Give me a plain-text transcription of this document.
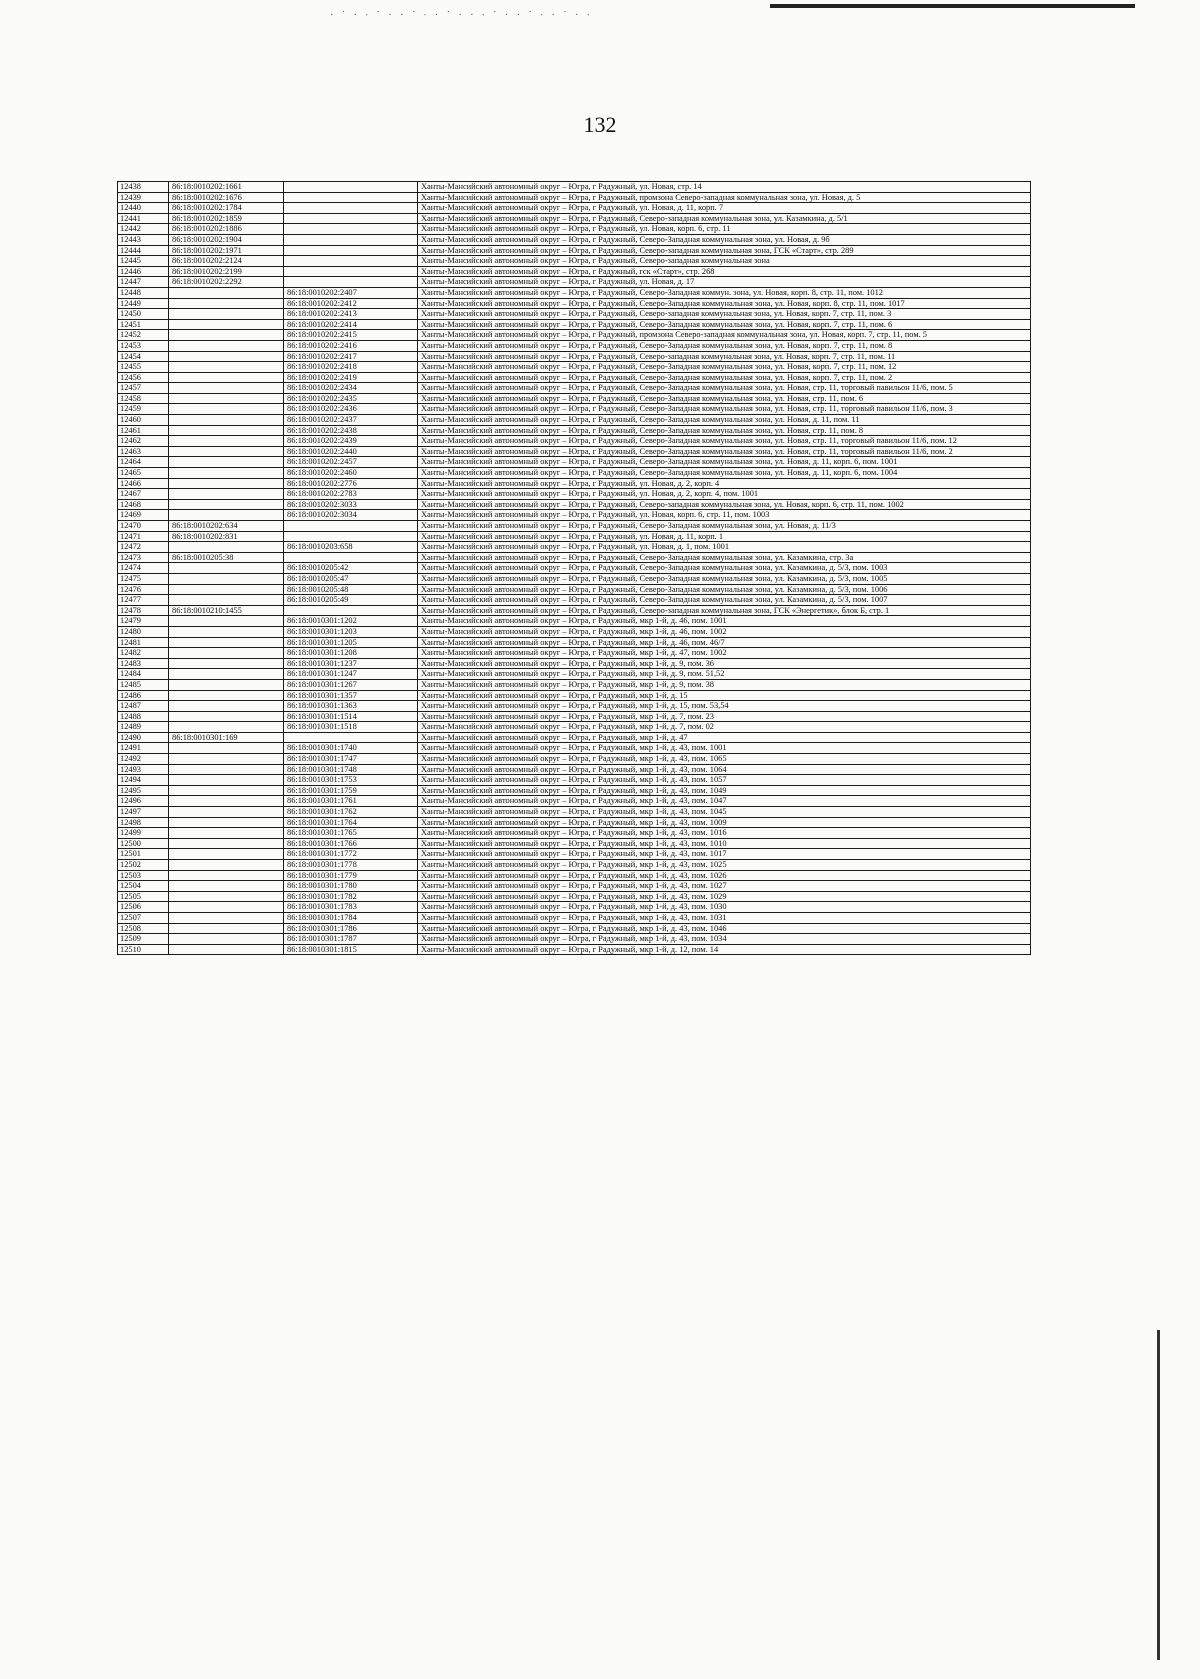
· ˙ · ∙ ˙ · · ˙ ∙ · ˙ · · ∙ ˙ · · ˙ ∙ · ˙ · ∙
132
12438	86:18:0010202:1661		Ханты-Мансийский автономный округ – Югра, г Радужный, ул. Новая, стр. 14
12439	86:18:0010202:1676		Ханты-Мансийский автономный округ – Югра, г Радужный, промзона Северо-западная коммунальная зона, ул. Новая, д. 5
12440	86:18:0010202:1784		Ханты-Мансийский автономный округ – Югра, г Радужный, ул. Новая, д. 11, корп. 7
12441	86:18:0010202:1859		Ханты-Мансийский автономный округ – Югра, г Радужный, Северо-западная коммунальная зона, ул. Казамкина, д. 5/1
12442	86:18:0010202:1886		Ханты-Мансийский автономный округ – Югра, г Радужный, ул. Новая, корп. 6, стр. 11
12443	86:18:0010202:1904		Ханты-Мансийский автономный округ – Югра, г Радужный, Северо-Западная коммунальная зона, ул. Новая, д. 9б
12444	86:18:0010202:1971		Ханты-Мансийский автономный округ – Югра, г Радужный, Северо-западная коммунальная зона, ГСК «Старт», стр. 289
12445	86:18:0010202:2124		Ханты-Мансийский автономный округ – Югра, г Радужный, Северо-западная коммунальная зона
12446	86:18:0010202:2199		Ханты-Мансийский автономный округ – Югра, г Радужный, гск «Старт», стр. 268
12447	86:18:0010202:2292		Ханты-Мансийский автономный округ – Югра, г Радужный, ул. Новая, д. 17
12448		86:18:0010202:2407	Ханты-Мансийский автономный округ – Югра, г Радужный, Северо-Западная коммун. зона, ул. Новая, корп. 8, стр. 11, пом. 1012
12449		86:18:0010202:2412	Ханты-Мансийский автономный округ – Югра, г Радужный, Северо-Западная коммунальная зона, ул. Новая, корп. 8, стр. 11, пом. 1017
12450		86:18:0010202:2413	Ханты-Мансийский автономный округ – Югра, г Радужный, Северо-западная коммунальная зона, ул. Новая, корп. 7, стр. 11, пом. 3
12451		86:18:0010202:2414	Ханты-Мансийский автономный округ – Югра, г Радужный, Северо-Западная коммунальная зона, ул. Новая, корп. 7, стр. 11, пом. 6
12452		86:18:0010202:2415	Ханты-Мансийский автономный округ – Югра, г Радужный, промзона Северо-западная коммунальная зона, ул. Новая, корп. 7, стр. 11, пом. 5
12453		86:18:0010202:2416	Ханты-Мансийский автономный округ – Югра, г Радужный, Северо-Западная коммунальная зона, ул. Новая, корп. 7, стр. 11, пом. 8
12454		86:18:0010202:2417	Ханты-Мансийский автономный округ – Югра, г Радужный, Северо-западная коммунальная зона, ул. Новая, корп. 7, стр. 11, пом. 11
12455		86:18:0010202:2418	Ханты-Мансийский автономный округ – Югра, г Радужный, Северо-Западная коммунальная зона, ул. Новая, корп. 7, стр. 11, пом. 12
12456		86:18:0010202:2419	Ханты-Мансийский автономный округ – Югра, г Радужный, Северо-Западная коммунальная зона, ул. Новая, корп. 7, стр. 11, пом. 2
12457		86:18:0010202:2434	Ханты-Мансийский автономный округ – Югра, г Радужный, Северо-Западная коммунальная зона, ул. Новая, стр. 11, торговый павильон 11/6, пом. 5
12458		86:18:0010202:2435	Ханты-Мансийский автономный округ – Югра, г Радужный, Северо-Западная коммунальная зона, ул. Новая, стр. 11, пом. 6
12459		86:18:0010202:2436	Ханты-Мансийский автономный округ – Югра, г Радужный, Северо-Западная коммунальная зона, ул. Новая, стр. 11, торговый павильон 11/6, пом. 3
12460		86:18:0010202:2437	Ханты-Мансийский автономный округ – Югра, г Радужный, Северо-Западная коммунальная зона, ул. Новая, д. 11, пом. 11
12461		86:18:0010202:2438	Ханты-Мансийский автономный округ – Югра, г Радужный, Северо-Западная коммунальная зона, ул. Новая, стр. 11, пом. 8
12462		86:18:0010202:2439	Ханты-Мансийский автономный округ – Югра, г Радужный, Северо-Западная коммунальная зона, ул. Новая, стр. 11, торговый павильон 11/6, пом. 12
12463		86:18:0010202:2440	Ханты-Мансийский автономный округ – Югра, г Радужный, Северо-Западная коммунальная зона, ул. Новая, стр. 11, торговый павильон 11/6, пом. 2
12464		86:18:0010202:2457	Ханты-Мансийский автономный округ – Югра, г Радужный, Северо-Западная коммунальная зона, ул. Новая, д. 11, корп. 6, пом. 1001
12465		86:18:0010202:2460	Ханты-Мансийский автономный округ – Югра, г Радужный, Северо-Западная коммунальная зона, ул. Новая, д. 11, корп. 6, пом. 1004
12466		86:18:0010202:2776	Ханты-Мансийский автономный округ – Югра, г Радужный, ул. Новая, д. 2, корп. 4
12467		86:18:0010202:2783	Ханты-Мансийский автономный округ – Югра, г Радужный, ул. Новая, д. 2, корп. 4, пом. 1001
12468		86:18:0010202:3033	Ханты-Мансийский автономный округ – Югра, г Радужный, Северо-западная коммунальная зона, ул. Новая, корп. 6, стр. 11, пом. 1002
12469		86:18:0010202:3034	Ханты-Мансийский автономный округ – Югра, г Радужный, ул. Новая, корп. 6, стр. 11, пом. 1003
12470	86:18:0010202:634		Ханты-Мансийский автономный округ – Югра, г Радужный, Северо-Западная коммунальная зона, ул. Новая, д. 11/3
12471	86:18:0010202:831		Ханты-Мансийский автономный округ – Югра, г Радужный, ул. Новая, д. 11, корп. 1
12472		86:18:0010203:658	Ханты-Мансийский автономный округ – Югра, г Радужный, ул. Новая, д. 1, пом. 1001
12473	86:18:0010205:38		Ханты-Мансийский автономный округ – Югра, г Радужный, Северо-Западная коммунальная зона, ул. Казамкина, стр. 3а
12474		86:18:0010205:42	Ханты-Мансийский автономный округ – Югра, г Радужный, Северо-Западная коммунальная зона, ул. Казамкина, д. 5/3, пом. 1003
12475		86:18:0010205:47	Ханты-Мансийский автономный округ – Югра, г Радужный, Северо-Западная коммунальная зона, ул. Казамкина, д. 5/3, пом. 1005
12476		86:18:0010205:48	Ханты-Мансийский автономный округ – Югра, г Радужный, Северо-Западная коммунальная зона, ул. Казамкина, д. 5/3, пом. 1006
12477		86:18:0010205:49	Ханты-Мансийский автономный округ – Югра, г Радужный, Северо-Западная коммунальная зона, ул. Казамкина, д. 5/3, пом. 1007
12478	86:18:0010210:1455		Ханты-Мансийский автономный округ – Югра, г Радужный, Северо-западная коммунальная зона, ГСК «Энергетик», блок Б, стр. 1
12479		86:18:0010301:1202	Ханты-Мансийский автономный округ – Югра, г Радужный, мкр 1-й, д. 46, пом. 1001
12480		86:18:0010301:1203	Ханты-Мансийский автономный округ – Югра, г Радужный, мкр 1-й, д. 46, пом. 1002
12481		86:18:0010301:1205	Ханты-Мансийский автономный округ – Югра, г Радужный, мкр 1-й, д. 46, пом. 46/7
12482		86:18:0010301:1208	Ханты-Мансийский автономный округ – Югра, г Радужный, мкр 1-й, д. 47, пом. 1002
12483		86:18:0010301:1237	Ханты-Мансийский автономный округ – Югра, г Радужный, мкр 1-й, д. 9, пом. 36
12484		86:18:0010301:1247	Ханты-Мансийский автономный округ – Югра, г Радужный, мкр 1-й, д. 9, пом. 51,52
12485		86:18:0010301:1267	Ханты-Мансийский автономный округ – Югра, г Радужный, мкр 1-й, д. 9, пом. 38
12486		86:18:0010301:1357	Ханты-Мансийский автономный округ – Югра, г Радужный, мкр 1-й, д. 15
12487		86:18:0010301:1363	Ханты-Мансийский автономный округ – Югра, г Радужный, мкр 1-й, д. 15, пом. 53,54
12488		86:18:0010301:1514	Ханты-Мансийский автономный округ – Югра, г Радужный, мкр 1-й, д. 7, пом. 23
12489		86:18:0010301:1518	Ханты-Мансийский автономный округ – Югра, г Радужный, мкр 1-й, д. 7, пом. 02
12490	86:18:0010301:169		Ханты-Мансийский автономный округ – Югра, г Радужный, мкр 1-й, д. 47
12491		86:18:0010301:1740	Ханты-Мансийский автономный округ – Югра, г Радужный, мкр 1-й, д. 43, пом. 1001
12492		86:18:0010301:1747	Ханты-Мансийский автономный округ – Югра, г Радужный, мкр 1-й, д. 43, пом. 1065
12493		86:18:0010301:1748	Ханты-Мансийский автономный округ – Югра, г Радужный, мкр 1-й, д. 43, пом. 1064
12494		86:18:0010301:1753	Ханты-Мансийский автономный округ – Югра, г Радужный, мкр 1-й, д. 43, пом. 1057
12495		86:18:0010301:1759	Ханты-Мансийский автономный округ – Югра, г Радужный, мкр 1-й, д. 43, пом. 1049
12496		86:18:0010301:1761	Ханты-Мансийский автономный округ – Югра, г Радужный, мкр 1-й, д. 43, пом. 1047
12497		86:18:0010301:1762	Ханты-Мансийский автономный округ – Югра, г Радужный, мкр 1-й, д. 43, пом. 1045
12498		86:18:0010301:1764	Ханты-Мансийский автономный округ – Югра, г Радужный, мкр 1-й, д. 43, пом. 1009
12499		86:18:0010301:1765	Ханты-Мансийский автономный округ – Югра, г Радужный, мкр 1-й, д. 43, пом. 1016
12500		86:18:0010301:1766	Ханты-Мансийский автономный округ – Югра, г Радужный, мкр 1-й, д. 43, пом. 1010
12501		86:18:0010301:1772	Ханты-Мансийский автономный округ – Югра, г Радужный, мкр 1-й, д. 43, пом. 1017
12502		86:18:0010301:1778	Ханты-Мансийский автономный округ – Югра, г Радужный, мкр 1-й, д. 43, пом. 1025
12503		86:18:0010301:1779	Ханты-Мансийский автономный округ – Югра, г Радужный, мкр 1-й, д. 43, пом. 1026
12504		86:18:0010301:1780	Ханты-Мансийский автономный округ – Югра, г Радужный, мкр 1-й, д. 43, пом. 1027
12505		86:18:0010301:1782	Ханты-Мансийский автономный округ – Югра, г Радужный, мкр 1-й, д. 43, пом. 1029
12506		86:18:0010301:1783	Ханты-Мансийский автономный округ – Югра, г Радужный, мкр 1-й, д. 43, пом. 1030
12507		86:18:0010301:1784	Ханты-Мансийский автономный округ – Югра, г Радужный, мкр 1-й, д. 43, пом. 1031
12508		86:18:0010301:1786	Ханты-Мансийский автономный округ – Югра, г Радужный, мкр 1-й, д. 43, пом. 1046
12509		86:18:0010301:1787	Ханты-Мансийский автономный округ – Югра, г Радужный, мкр 1-й, д. 43, пом. 1034
12510		86:18:0010301:1815	Ханты-Мансийский автономный округ – Югра, г Радужный, мкр 1-й, д. 12, пом. 14
